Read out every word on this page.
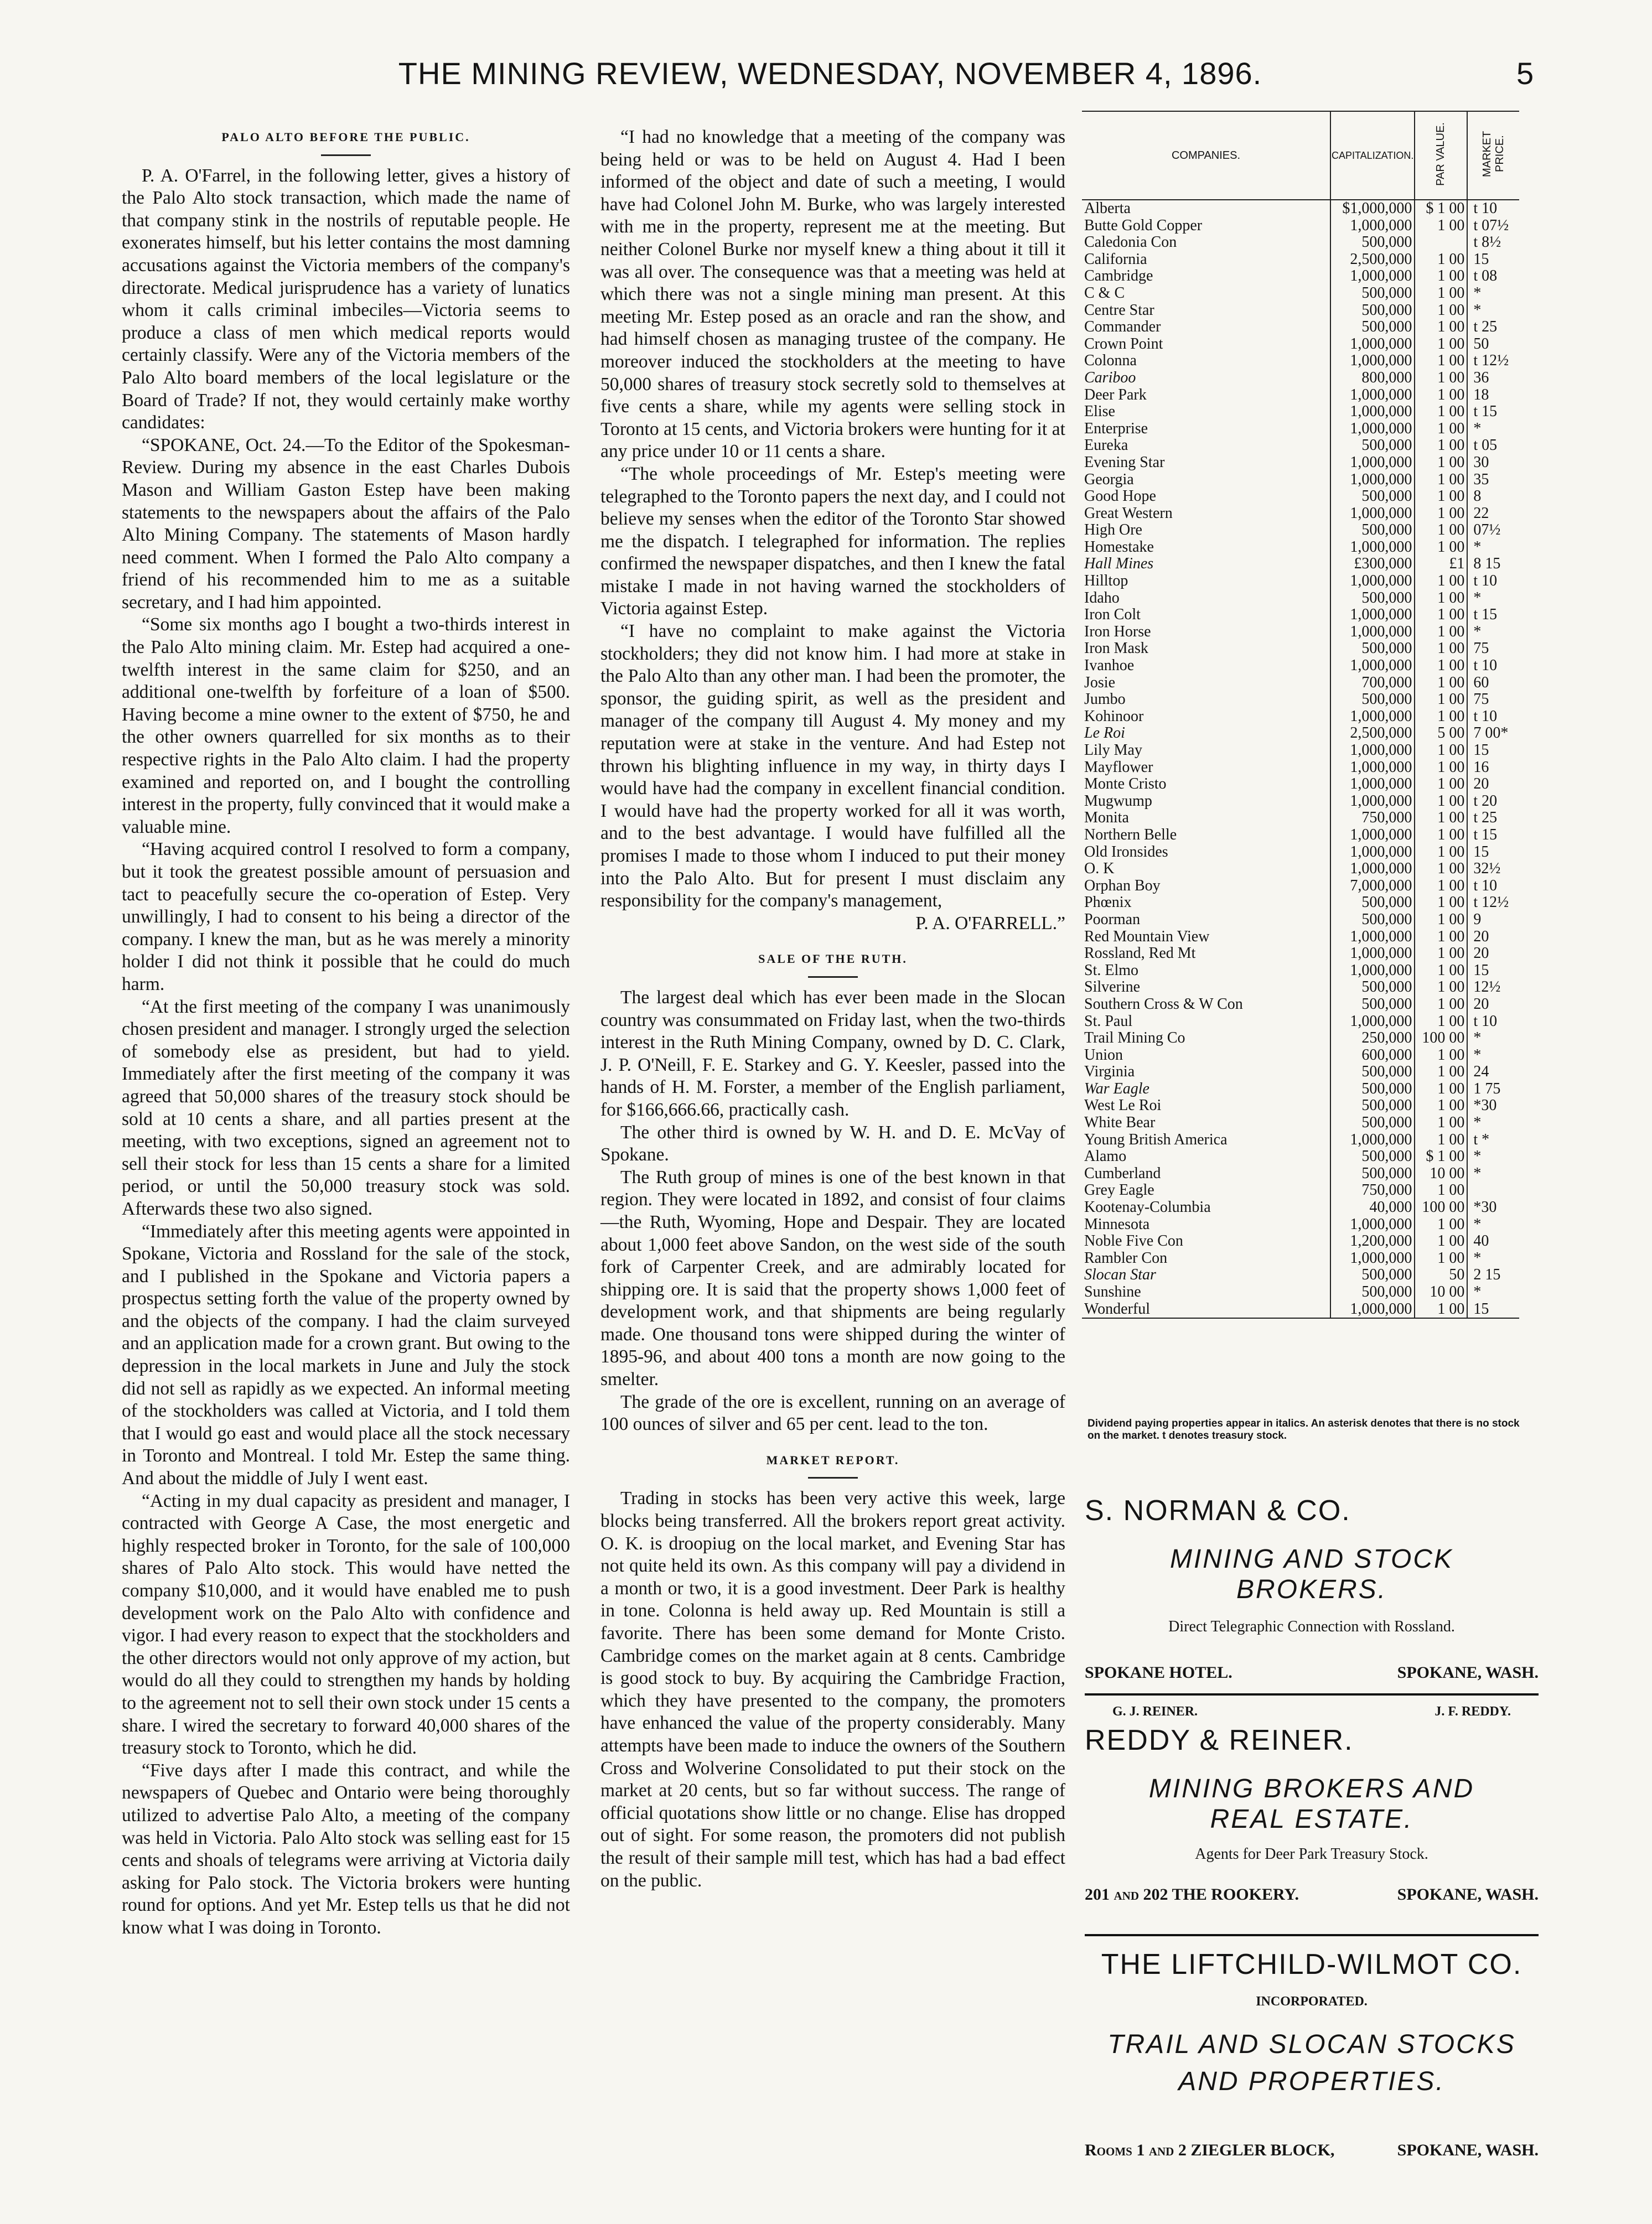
THE MINING REVIEW, WEDNESDAY, NOVEMBER 4, 1896.	5
PALO ALTO BEFORE THE PUBLIC.

P. A. O'Farrel, in the following letter, gives a history of the Palo Alto stock transaction, which made the name of that company stink in the nostrils of reputable people. He exonerates himself, but his letter contains the most damning accusations against the Victoria members of the company's directorate. Medical jurisprudence has a variety of lunatics whom it calls criminal imbeciles—Victoria seems to produce a class of men which medical reports would certainly classify. Were any of the Victoria members of the Palo Alto board members of the local legislature or the Board of Trade? If not, they would certainly make worthy candidates:

“SPOKANE, Oct. 24.—To the Editor of the Spokesman-Review. During my absence in the east Charles Dubois Mason and William Gaston Estep have been making statements to the newspapers about the affairs of the Palo Alto Mining Company. The statements of Mason hardly need comment. When I formed the Palo Alto company a friend of his recommended him to me as a suitable secretary, and I had him appointed.

“Some six months ago I bought a two-thirds interest in the Palo Alto mining claim. Mr. Estep had acquired a one-twelfth interest in the same claim for $250, and an additional one-twelfth by forfeiture of a loan of $500. Having become a mine owner to the extent of $750, he and the other owners quarrelled for six months as to their respective rights in the Palo Alto claim. I had the property examined and reported on, and I bought the controlling interest in the property, fully convinced that it would make a valuable mine.

“Having acquired control I resolved to form a company, but it took the greatest possible amount of persuasion and tact to peacefully secure the co-operation of Estep. Very unwillingly, I had to consent to his being a director of the company. I knew the man, but as he was merely a minority holder I did not think it possible that he could do much harm.

“At the first meeting of the company I was unanimously chosen president and manager. I strongly urged the selection of somebody else as president, but had to yield. Immediately after the first meeting of the company it was agreed that 50,000 shares of the treasury stock should be sold at 10 cents a share, and all parties present at the meeting, with two exceptions, signed an agreement not to sell their stock for less than 15 cents a share for a limited period, or until the 50,000 treasury stock was sold. Afterwards these two also signed.

“Immediately after this meeting agents were appointed in Spokane, Victoria and Rossland for the sale of the stock, and I published in the Spokane and Victoria papers a prospectus setting forth the value of the property owned by and the objects of the company. I had the claim surveyed and an application made for a crown grant. But owing to the depression in the local markets in June and July the stock did not sell as rapidly as we expected. An informal meeting of the stockholders was called at Victoria, and I told them that I would go east and would place all the stock necessary in Toronto and Montreal. I told Mr. Estep the same thing. And about the middle of July I went east.

“Acting in my dual capacity as president and manager, I contracted with George A Case, the most energetic and highly respected broker in Toronto, for the sale of 100,000 shares of Palo Alto stock. This would have netted the company $10,000, and it would have enabled me to push development work on the Palo Alto with confidence and vigor. I had every reason to expect that the stockholders and the other directors would not only approve of my action, but would do all they could to strengthen my hands by holding to the agreement not to sell their own stock under 15 cents a share. I wired the secretary to forward 40,000 shares of the treasury stock to Toronto, which he did.

“Five days after I made this contract, and while the newspapers of Quebec and Ontario were being thoroughly utilized to advertise Palo Alto, a meeting of the company was held in Victoria. Palo Alto stock was selling east for 15 cents and shoals of telegrams were arriving at Victoria daily asking for Palo stock. The Victoria brokers were hunting round for options. And yet Mr. Estep tells us that he did not know what I was doing in Toronto.

“I had no knowledge that a meeting of the company was being held or was to be held on August 4. Had I been informed of the object and date of such a meeting, I would have had Colonel John M. Burke, who was largely interested with me in the property, represent me at the meeting. But neither Colonel Burke nor myself knew a thing about it till it was all over. The consequence was that a meeting was held at which there was not a single mining man present. At this meeting Mr. Estep posed as an oracle and ran the show, and had himself chosen as managing trustee of the company. He moreover induced the stockholders at the meeting to have 50,000 shares of treasury stock secretly sold to themselves at five cents a share, while my agents were selling stock in Toronto at 15 cents, and Victoria brokers were hunting for it at any price under 10 or 11 cents a share.

“The whole proceedings of Mr. Estep's meeting were telegraphed to the Toronto papers the next day, and I could not believe my senses when the editor of the Toronto Star showed me the dispatch. I telegraphed for information. The replies confirmed the newspaper dispatches, and then I knew the fatal mistake I made in not having warned the stockholders of Victoria against Estep.

“I have no complaint to make against the Victoria stockholders; they did not know him. I had more at stake in the Palo Alto than any other man. I had been the promoter, the sponsor, the guiding spirit, as well as the president and manager of the company till August 4. My money and my reputation were at stake in the venture. And had Estep not thrown his blighting influence in my way, in thirty days I would have had the company in excellent financial condition. I would have had the property worked for all it was worth, and to the best advantage. I would have fulfilled all the promises I made to those whom I induced to put their money into the Palo Alto. But for present I must disclaim any responsibility for the company's management,

P. A. O'FARRELL.”
SALE OF THE RUTH.

The largest deal which has ever been made in the Slocan country was consummated on Friday last, when the two-thirds interest in the Ruth Mining Company, owned by D. C. Clark, J. P. O'Neill, F. E. Starkey and G. Y. Keesler, passed into the hands of H. M. Forster, a member of the English parliament, for $166,666.66, practically cash.

The other third is owned by W. H. and D. E. McVay of Spokane.

The Ruth group of mines is one of the best known in that region. They were located in 1892, and consist of four claims—the Ruth, Wyoming, Hope and Despair. They are located about 1,000 feet above Sandon, on the west side of the south fork of Carpenter Creek, and are admirably located for shipping ore. It is said that the property shows 1,000 feet of development work, and that shipments are being regularly made. One thousand tons were shipped during the winter of 1895-96, and about 400 tons a month are now going to the smelter.

The grade of the ore is excellent, running on an average of 100 ounces of silver and 65 per cent. lead to the ton.

MARKET REPORT.

Trading in stocks has been very active this week, large blocks being transferred. All the brokers report great activity. O. K. is droopiug on the local market, and Evening Star has not quite held its own. As this company will pay a dividend in a month or two, it is a good investment. Deer Park is healthy in tone. Colonna is held away up. Red Mountain is still a favorite. There has been some demand for Monte Cristo. Cambridge comes on the market again at 8 cents. Cambridge is good stock to buy. By acquiring the Cambridge Fraction, which they have presented to the company, the promoters have enhanced the value of the property considerably. Many attempts have been made to induce the owners of the Southern Cross and Wolverine Consolidated to put their stock on the market at 20 cents, but so far without success. The range of official quotations show little or no change. Elise has dropped out of sight. For some reason, the promoters did not publish the result of their sample mill test, which has had a bad effect on the public.

COMPANIES.	CAPITALIZATION.	PAR VALUE.	MARKET PRICE.
Alberta	$1,000,000	$ 1 00	t 10
Butte Gold Copper	1,000,000	1 00	t 07½
Caledonia Con	500,000		t 8½
California	2,500,000	1 00	15
Cambridge	1,000,000	1 00	t 08
C & C	500,000	1 00	*
Centre Star	500,000	1 00	*
Commander	500,000	1 00	t 25
Crown Point	1,000,000	1 00	50
Colonna	1,000,000	1 00	t 12½
Cariboo	800,000	1 00	36
Deer Park	1,000,000	1 00	18
Elise	1,000,000	1 00	t 15
Enterprise	1,000,000	1 00	*
Eureka	500,000	1 00	t 05
Evening Star	1,000,000	1 00	30
Georgia	1,000,000	1 00	35
Good Hope	500,000	1 00	8
Great Western	1,000,000	1 00	22
High Ore	500,000	1 00	07½
Homestake	1,000,000	1 00	*
Hall Mines	£300,000	£1	8 15
Hilltop	1,000,000	1 00	t 10
Idaho	500,000	1 00	*
Iron Colt	1,000,000	1 00	t 15
Iron Horse	1,000,000	1 00	*
Iron Mask	500,000	1 00	75
Ivanhoe	1,000,000	1 00	t 10
Josie	700,000	1 00	60
Jumbo	500,000	1 00	75
Kohinoor	1,000,000	1 00	t 10
Le Roi	2,500,000	5 00	7 00*
Lily May	1,000,000	1 00	15
Mayflower	1,000,000	1 00	16
Monte Cristo	1,000,000	1 00	20
Mugwump	1,000,000	1 00	t 20
Monita	750,000	1 00	t 25
Northern Belle	1,000,000	1 00	t 15
Old Ironsides	1,000,000	1 00	15
O. K	1,000,000	1 00	32½
Orphan Boy	7,000,000	1 00	t 10
Phœnix	500,000	1 00	t 12½
Poorman	500,000	1 00	9
Red Mountain View	1,000,000	1 00	20
Rossland, Red Mt	1,000,000	1 00	20
St. Elmo	1,000,000	1 00	15
Silverine	500,000	1 00	12½
Southern Cross & W Con	500,000	1 00	20
St. Paul	1,000,000	1 00	t 10
Trail Mining Co	250,000	100 00	*
Union	600,000	1 00	*
Virginia	500,000	1 00	24
War Eagle	500,000	1 00	1 75
West Le Roi	500,000	1 00	*30
White Bear	500,000	1 00	*
Young British America	1,000,000	1 00	t *
Alamo	500,000	$ 1 00	*
Cumberland	500,000	10 00	*
Grey Eagle	750,000	1 00	
Kootenay-Columbia	40,000	100 00	*30
Minnesota	1,000,000	1 00	*
Noble Five Con	1,200,000	1 00	40
Rambler Con	1,000,000	1 00	*
Slocan Star	500,000	50	2 15
Sunshine	500,000	10 00	*
Wonderful	1,000,000	1 00	15
Dividend paying properties appear in italics. An asterisk denotes that there is no stock on the market. t denotes treasury stock.
S. NORMAN & CO.
MINING AND STOCK
BROKERS.
Direct Telegraphic Connection with Rossland.
SPOKANE HOTEL.	SPOKANE, WASH.
G. J. REINER.	J. F. REDDY.
REDDY & REINER.
MINING BROKERS AND
REAL ESTATE.
Agents for Deer Park Treasury Stock.
201 and 202 THE ROOKERY.	SPOKANE, WASH.
THE LIFTCHILD-WILMOT CO.
INCORPORATED.
TRAIL AND SLOCAN STOCKS
AND PROPERTIES.
Rooms 1 and 2 ZIEGLER BLOCK,	SPOKANE, WASH.
